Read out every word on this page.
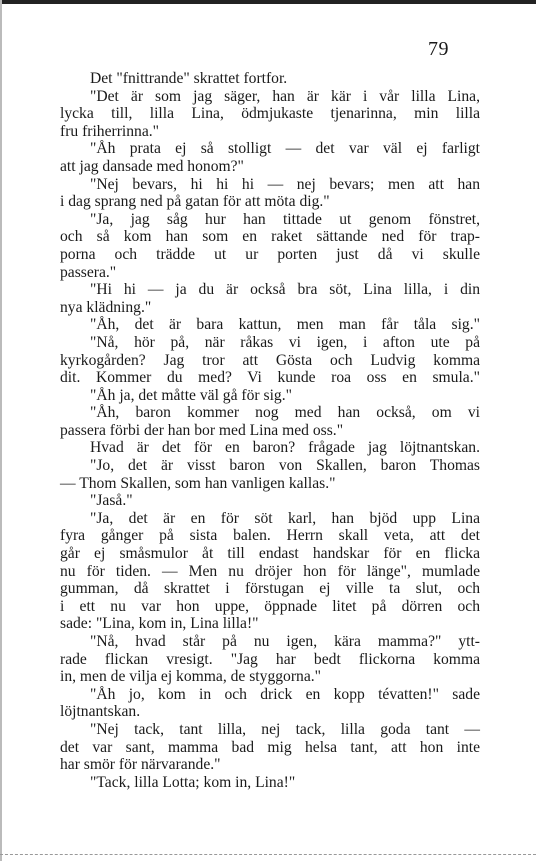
79
Det "fnittrande" skrattet fortfor.
"Det är som jag säger, han är kär i vår lilla Lina,
lycka till, lilla Lina, ödmjukaste tjenarinna, min lilla
fru friherrinna."
"Åh prata ej så stolligt — det var väl ej farligt
att jag dansade med honom?"
"Nej bevars, hi hi hi — nej bevars; men att han
i dag sprang ned på gatan för att möta dig."
"Ja, jag såg hur han tittade ut genom fönstret,
och så kom han som en raket sättande ned för trap-
porna och trädde ut ur porten just då vi skulle
passera."
"Hi hi — ja du är också bra söt, Lina lilla, i din
nya klädning."
"Åh, det är bara kattun, men man får tåla sig."
"Nå, hör på, när råkas vi igen, i afton ute på
kyrkogården? Jag tror att Gösta och Ludvig komma
dit. Kommer du med? Vi kunde roa oss en smula."
"Åh ja, det måtte väl gå för sig."
"Åh, baron kommer nog med han också, om vi
passera förbi der han bor med Lina med oss."
Hvad är det för en baron? frågade jag löjtnantskan.
"Jo, det är visst baron von Skallen, baron Thomas
— Thom Skallen, som han vanligen kallas."
"Jaså."
"Ja, det är en för söt karl, han bjöd upp Lina
fyra gånger på sista balen. Herrn skall veta, att det
går ej småsmulor åt till endast handskar för en flicka
nu för tiden. — Men nu dröjer hon för länge", mumlade
gumman, då skrattet i förstugan ej ville ta slut, och
i ett nu var hon uppe, öppnade litet på dörren och
sade: "Lina, kom in, Lina lilla!"
"Nå, hvad står på nu igen, kära mamma?" ytt-
rade flickan vresigt. "Jag har bedt flickorna komma
in, men de vilja ej komma, de styggorna."
"Åh jo, kom in och drick en kopp tévatten!" sade
löjtnantskan.
"Nej tack, tant lilla, nej tack, lilla goda tant —
det var sant, mamma bad mig helsa tant, att hon inte
har smör för närvarande."
"Tack, lilla Lotta; kom in, Lina!"
